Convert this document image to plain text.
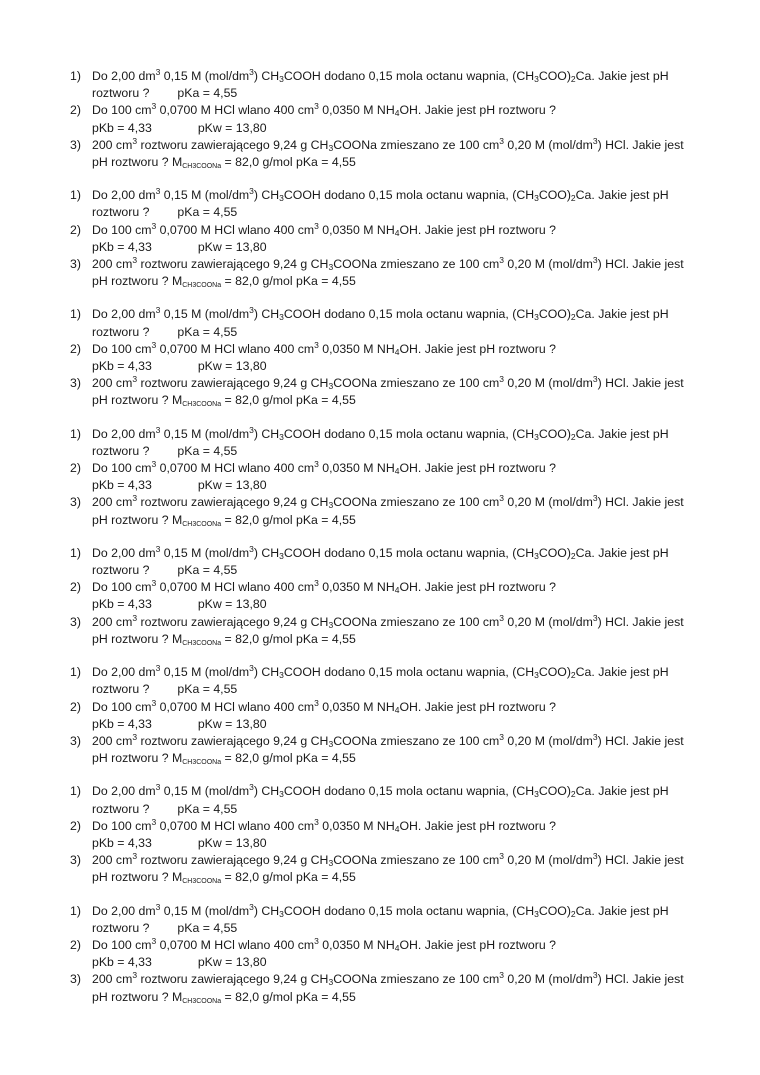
1) Do 2,00 $dm^3$ 0,15 M $(mol/dm^3)$ $CH_3COOH$ dodano 0,15 mola octanu wapnia, $(CH_3COO)_2Ca$. Jakie jest pH
roztworu ? pKa = 4,55
2) Do 100 $cm^3$ 0,0700 M HCl wlano 400 $cm^3$ 0,0350 M $NH_4OH$. Jakie jest pH roztworu ?
pKb = 4,33	pKw = 13,80
3) 200 $cm^3$ roztworu zawierającego 9,24 g $CH_3COONa$ zmieszano ze 100 $cm^3$ 0,20 M $(mol/dm^3)$ HCl. Jakie jest
pH roztworu ? MCH3COONa = 82,0 g/mol pKa = 4,55
1) Do 2,00 $dm^3$ 0,15 M $(mol/dm^3)$ $CH_3COOH$ dodano 0,15 mola octanu wapnia, $(CH_3COO)_2Ca$. Jakie jest pH
roztworu ? pKa = 4,55
2) Do 100 $cm^3$ 0,0700 M HCl wlano 400 $cm^3$ 0,0350 M $NH_4OH$. Jakie jest pH roztworu ?
pKb = 4,33	pKw = 13,80
3) 200 $cm^3$ roztworu zawierającego 9,24 g $CH_3COONa$ zmieszano ze 100 $cm^3$ 0,20 M $(mol/dm^3)$ HCl. Jakie jest
pH roztworu ? MCH3COONa = 82,0 g/mol pKa = 4,55
1) Do 2,00 $dm^3$ 0,15 M $(mol/dm^3)$ $CH_3COOH$ dodano 0,15 mola octanu wapnia, $(CH_3COO)_2Ca$. Jakie jest pH
roztworu ? pKa = 4,55
2) Do 100 $cm^3$ 0,0700 M HCl wlano 400 $cm^3$ 0,0350 M $NH_4OH$. Jakie jest pH roztworu ?
pKb = 4,33	pKw = 13,80
3) 200 $cm^3$ roztworu zawierającego 9,24 g $CH_3COONa$ zmieszano ze 100 $cm^3$ 0,20 M $(mol/dm^3)$ HCl. Jakie jest
pH roztworu ? MCH3COONa = 82,0 g/mol pKa = 4,55
1) Do 2,00 $dm^3$ 0,15 M $(mol/dm^3)$ $CH_3COOH$ dodano 0,15 mola octanu wapnia, $(CH_3COO)_2Ca$. Jakie jest pH
roztworu ? pKa = 4,55
2) Do 100 $cm^3$ 0,0700 M HCl wlano 400 $cm^3$ 0,0350 M $NH_4OH$. Jakie jest pH roztworu ?
pKb = 4,33	pKw = 13,80
3) 200 $cm^3$ roztworu zawierającego 9,24 g $CH_3COONa$ zmieszano ze 100 $cm^3$ 0,20 M $(mol/dm^3)$ HCl. Jakie jest
pH roztworu ? MCH3COONa = 82,0 g/mol pKa = 4,55
1) Do 2,00 $dm^3$ 0,15 M $(mol/dm^3)$ $CH_3COOH$ dodano 0,15 mola octanu wapnia, $(CH_3COO)_2Ca$. Jakie jest pH
roztworu ? pKa = 4,55
2) Do 100 $cm^3$ 0,0700 M HCl wlano 400 $cm^3$ 0,0350 M $NH_4OH$. Jakie jest pH roztworu ?
pKb = 4,33	pKw = 13,80
3) 200 $cm^3$ roztworu zawierającego 9,24 g $CH_3COONa$ zmieszano ze 100 $cm^3$ 0,20 M $(mol/dm^3)$ HCl. Jakie jest
pH roztworu ? MCH3COONa = 82,0 g/mol pKa = 4,55
1) Do 2,00 $dm^3$ 0,15 M $(mol/dm^3)$ $CH_3COOH$ dodano 0,15 mola octanu wapnia, $(CH_3COO)_2Ca$. Jakie jest pH
roztworu ? pKa = 4,55
2) Do 100 $cm^3$ 0,0700 M HCl wlano 400 $cm^3$ 0,0350 M $NH_4OH$. Jakie jest pH roztworu ?
pKb = 4,33	pKw = 13,80
3) 200 $cm^3$ roztworu zawierającego 9,24 g $CH_3COONa$ zmieszano ze 100 $cm^3$ 0,20 M $(mol/dm^3)$ HCl. Jakie jest
pH roztworu ? MCH3COONa = 82,0 g/mol pKa = 4,55
1) Do 2,00 $dm^3$ 0,15 M $(mol/dm^3)$ $CH_3COOH$ dodano 0,15 mola octanu wapnia, $(CH_3COO)_2Ca$. Jakie jest pH
roztworu ? pKa = 4,55
2) Do 100 $cm^3$ 0,0700 M HCl wlano 400 $cm^3$ 0,0350 M $NH_4OH$. Jakie jest pH roztworu ?
pKb = 4,33	pKw = 13,80
3) 200 $cm^3$ roztworu zawierającego 9,24 g $CH_3COONa$ zmieszano ze 100 $cm^3$ 0,20 M $(mol/dm^3)$ HCl. Jakie jest
pH roztworu ? MCH3COONa = 82,0 g/mol pKa = 4,55
1) Do 2,00 $dm^3$ 0,15 M $(mol/dm^3)$ $CH_3COOH$ dodano 0,15 mola octanu wapnia, $(CH_3COO)_2Ca$. Jakie jest pH
roztworu ? pKa = 4,55
2) Do 100 $cm^3$ 0,0700 M HCl wlano 400 $cm^3$ 0,0350 M $NH_4OH$. Jakie jest pH roztworu ?
pKb = 4,33	pKw = 13,80
3) 200 $cm^3$ roztworu zawierającego 9,24 g $CH_3COONa$ zmieszano ze 100 $cm^3$ 0,20 M $(mol/dm^3)$ HCl. Jakie jest
pH roztworu ? MCH3COONa = 82,0 g/mol pKa = 4,55
